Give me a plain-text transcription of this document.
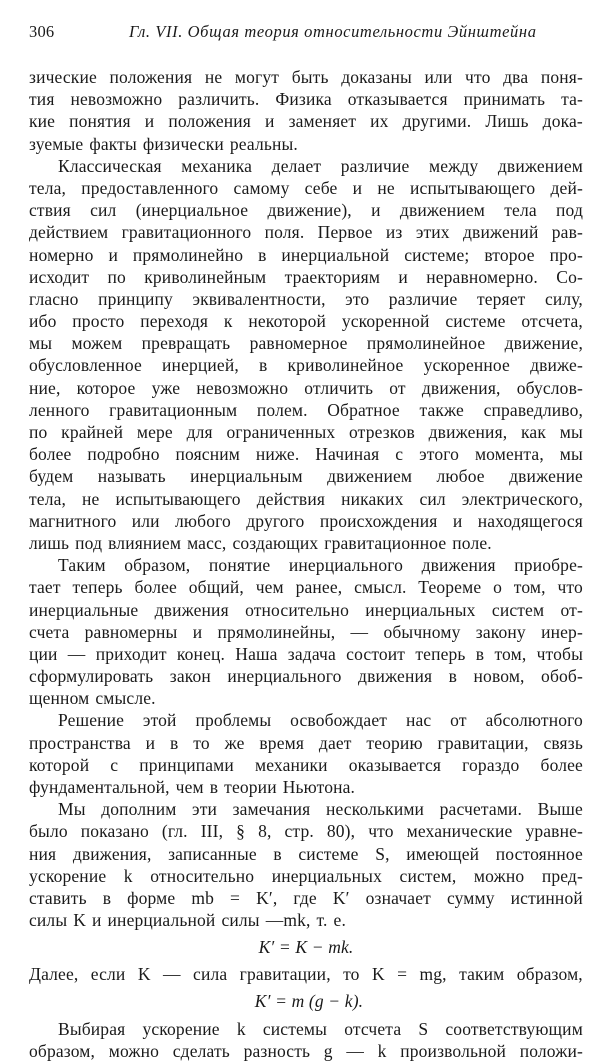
306	Гл. VII. Общая теория относительности Эйнштейна
зические положения не могут быть доказаны или что два поня-
тия невозможно различить. Физика отказывается принимать та-
кие понятия и положения и заменяет их другими. Лишь дока-
зуемые факты физически реальны.
Классическая механика делает различие между движением
тела, предоставленного самому себе и не испытывающего дей-
ствия сил (инерциальное движение), и движением тела под
действием гравитационного поля. Первое из этих движений рав-
номерно и прямолинейно в инерциальной системе; второе про-
исходит по криволинейным траекториям и неравномерно. Со-
гласно принципу эквивалентности, это различие теряет силу,
ибо просто переходя к некоторой ускоренной системе отсчета,
мы можем превращать равномерное прямолинейное движение,
обусловленное инерцией, в криволинейное ускоренное движе-
ние, которое уже невозможно отличить от движения, обуслов-
ленного гравитационным полем. Обратное также справедливо,
по крайней мере для ограниченных отрезков движения, как мы
более подробно поясним ниже. Начиная с этого момента, мы
будем называть инерциальным движением любое движение
тела, не испытывающего действия никаких сил электрического,
магнитного или любого другого происхождения и находящегося
лишь под влиянием масс, создающих гравитационное поле.
Таким образом, понятие инерциального движения приобре-
тает теперь более общий, чем ранее, смысл. Теореме о том, что
инерциальные движения относительно инерциальных систем от-
счета равномерны и прямолинейны, — обычному закону инер-
ции — приходит конец. Наша задача состоит теперь в том, чтобы
сформулировать закон инерциального движения в новом, обоб-
щенном смысле.
Решение этой проблемы освобождает нас от абсолютного
пространства и в то же время дает теорию гравитации, связь
которой с принципами механики оказывается гораздо более
фундаментальной, чем в теории Ньютона.
Мы дополним эти замечания несколькими расчетами. Выше
было показано (гл. III, § 8, стр. 80), что механические уравне-
ния движения, записанные в системе S, имеющей постоянное
ускорение k относительно инерциальных систем, можно пред-
ставить в форме mb = K′, где K′ означает сумму истинной
силы K и инерциальной силы —mk, т. е.
K′ = K − mk.
Далее, если K — сила гравитации, то K = mg, таким образом,
K′ = m (g − k).
Выбирая ускорение k системы отсчета S соответствующим
образом, можно сделать разность g — k произвольной положи-
